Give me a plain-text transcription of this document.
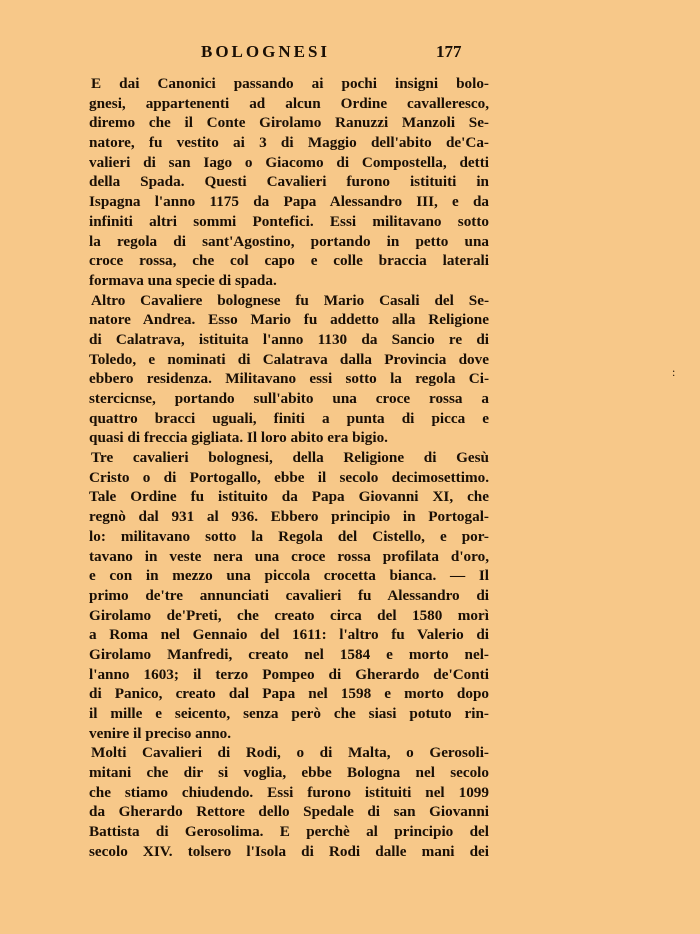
BOLOGNESI	177
E dai Canonici passando ai pochi insigni bolo-
gnesi, appartenenti ad alcun Ordine cavalleresco,
diremo che il Conte Girolamo Ranuzzi Manzoli Se-
natore, fu vestito ai 3 di Maggio dell'abito de'Ca-
valieri di san Iago o Giacomo di Compostella, detti
della Spada. Questi Cavalieri furono istituiti in
Ispagna l'anno 1175 da Papa Alessandro III, e da
infiniti altri sommi Pontefici. Essi militavano sotto
la regola di sant'Agostino, portando in petto una
croce rossa, che col capo e colle braccia laterali
formava una specie di spada.
Altro Cavaliere bolognese fu Mario Casali del Se-
natore Andrea. Esso Mario fu addetto alla Religione
di Calatrava, istituita l'anno 1130 da Sancio re di
Toledo, e nominati di Calatrava dalla Provincia dove
ebbero residenza. Militavano essi sotto la regola Ci-
stercicnse, portando sull'abito una croce rossa a
quattro bracci uguali, finiti a punta di picca e
quasi di freccia gigliata. Il loro abito era bigio.
Tre cavalieri bolognesi, della Religione di Gesù
Cristo o di Portogallo, ebbe il secolo decimosettimo.
Tale Ordine fu istituito da Papa Giovanni XI, che
regnò dal 931 al 936. Ebbero principio in Portogal-
lo: militavano sotto la Regola del Cistello, e por-
tavano in veste nera una croce rossa profilata d'oro,
e con in mezzo una piccola crocetta bianca. — Il
primo de'tre annunciati cavalieri fu Alessandro di
Girolamo de'Preti, che creato circa del 1580 morì
a Roma nel Gennaio del 1611: l'altro fu Valerio di
Girolamo Manfredi, creato nel 1584 e morto nel-
l'anno 1603; il terzo Pompeo di Gherardo de'Conti
di Panico, creato dal Papa nel 1598 e morto dopo
il mille e seicento, senza però che siasi potuto rin-
venire il preciso anno.
Molti Cavalieri di Rodi, o di Malta, o Gerosoli-
mitani che dir si voglia, ebbe Bologna nel secolo
che stiamo chiudendo. Essi furono istituiti nel 1099
da Gherardo Rettore dello Spedale di san Giovanni
Battista di Gerosolima. E perchè al principio del
secolo XIV. tolsero l'Isola di Rodi dalle mani dei
:
